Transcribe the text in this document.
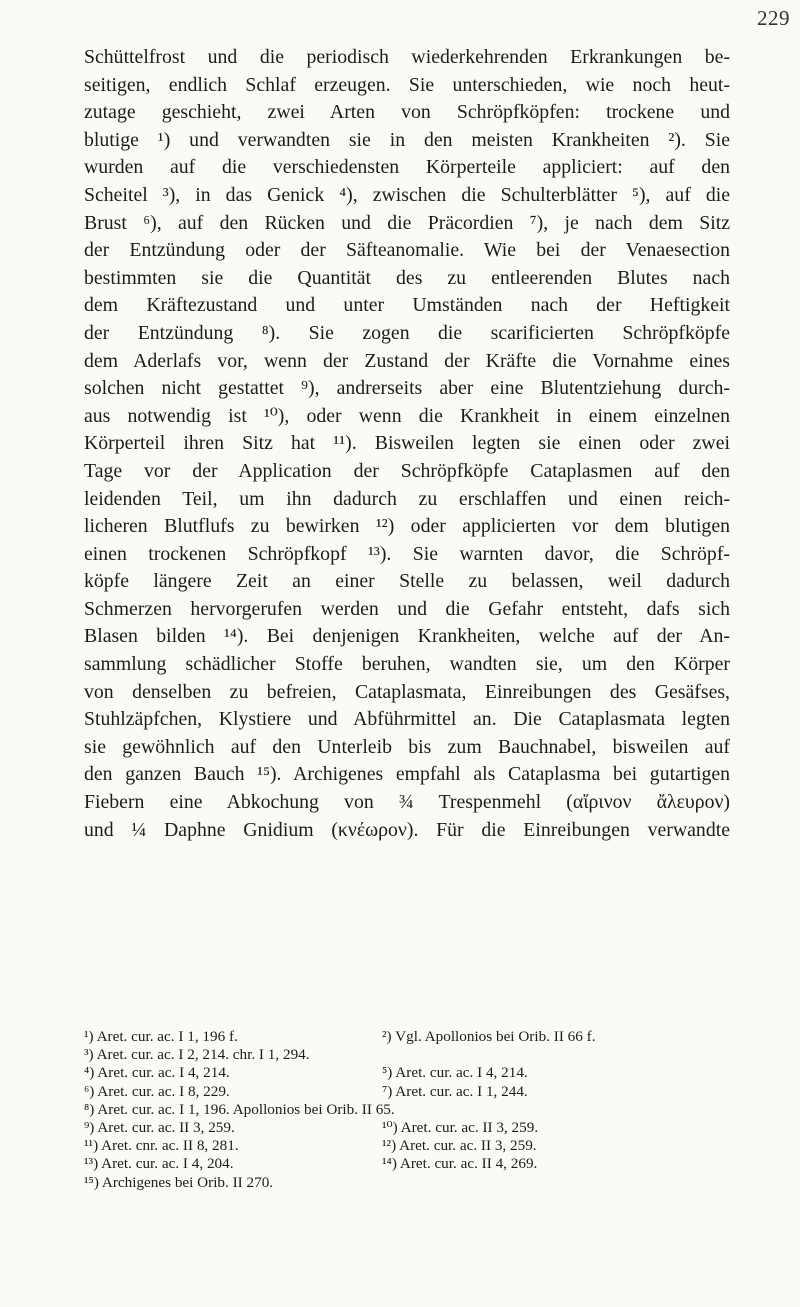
229

Schüttelfrost und die periodisch wiederkehrenden Erkrankungen be-

seitigen, endlich Schlaf erzeugen. Sie unterschieden, wie noch heut-

zutage geschieht, zwei Arten von Schröpfköpfen: trockene und

blutige ¹) und verwandten sie in den meisten Krankheiten ²). Sie

wurden auf die verschiedensten Körperteile appliciert: auf den

Scheitel ³), in das Genick ⁴), zwischen die Schulterblätter ⁵), auf die

Brust ⁶), auf den Rücken und die Präcordien ⁷), je nach dem Sitz

der Entzündung oder der Säfteanomalie. Wie bei der Venaesection

bestimmten sie die Quantität des zu entleerenden Blutes nach

dem Kräftezustand und unter Umständen nach der Heftigkeit

der Entzündung ⁸). Sie zogen die scarificierten Schröpfköpfe

dem Aderlafs vor, wenn der Zustand der Kräfte die Vornahme eines

solchen nicht gestattet ⁹), andrerseits aber eine Blutentziehung durch-

aus notwendig ist ¹⁰), oder wenn die Krankheit in einem einzelnen

Körperteil ihren Sitz hat ¹¹). Bisweilen legten sie einen oder zwei

Tage vor der Application der Schröpfköpfe Cataplasmen auf den

leidenden Teil, um ihn dadurch zu erschlaffen und einen reich-

licheren Blutflufs zu bewirken ¹²) oder applicierten vor dem blutigen

einen trockenen Schröpfkopf ¹³). Sie warnten davor, die Schröpf-

köpfe längere Zeit an einer Stelle zu belassen, weil dadurch

Schmerzen hervorgerufen werden und die Gefahr entsteht, dafs sich

Blasen bilden ¹⁴). Bei denjenigen Krankheiten, welche auf der An-

sammlung schädlicher Stoffe beruhen, wandten sie, um den Körper

von denselben zu befreien, Cataplasmata, Einreibungen des Gesäfses,

Stuhlzäpfchen, Klystiere und Abführmittel an. Die Cataplasmata legten

sie gewöhnlich auf den Unterleib bis zum Bauchnabel, bisweilen auf

den ganzen Bauch ¹⁵). Archigenes empfahl als Cataplasma bei gutartigen

Fiebern eine Abkochung von ¾ Trespenmehl (αἴρινον ἄλευρον)

und ¼ Daphne Gnidium (κνέωρον). Für die Einreibungen verwandte

¹) Aret. cur. ac. I 1, 196 f.	²) Vgl. Apollonios bei Orib. II 66 f.
³) Aret. cur. ac. I 2, 214. chr. I 1, 294.
⁴) Aret. cur. ac. I 4, 214.	⁵) Aret. cur. ac. I 4, 214.
⁶) Aret. cur. ac. I 8, 229.	⁷) Aret. cur. ac. I 1, 244.
⁸) Aret. cur. ac. I 1, 196. Apollonios bei Orib. II 65.
⁹) Aret. cur. ac. II 3, 259.	¹⁰) Aret. cur. ac. II 3, 259.
¹¹) Aret. cnr. ac. II 8, 281.	¹²) Aret. cur. ac. II 3, 259.
¹³) Aret. cur. ac. I 4, 204.	¹⁴) Aret. cur. ac. II 4, 269.
¹⁵) Archigenes bei Orib. II 270.
